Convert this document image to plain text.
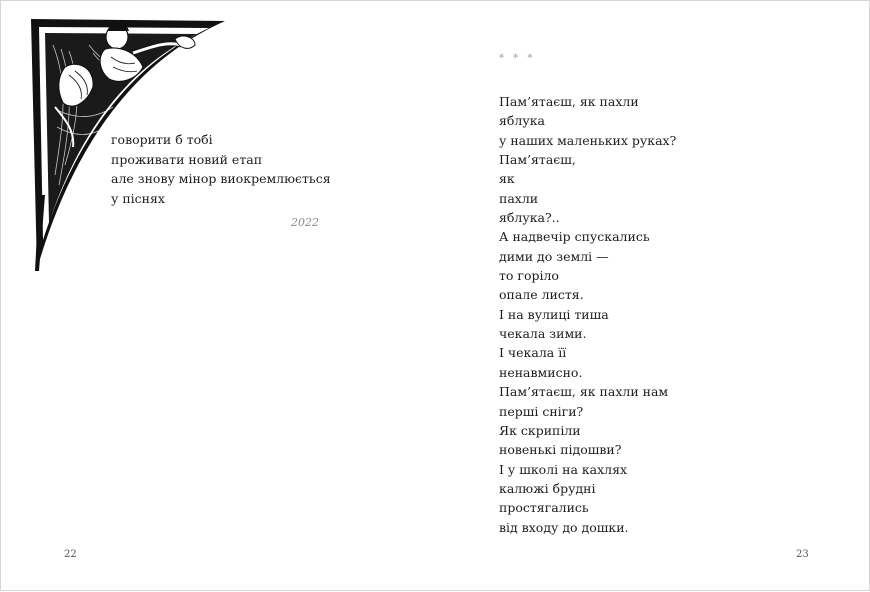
говорити б тобі
проживати новий етап
але знову мінор виокремлюється
у піснях
2022
22
* * *
Пам’ятаєш, як пахли
яблука
у наших маленьких руках?
Пам’ятаєш,
як
пахли
яблука?..
А надвечір спускались
дими до землі —
то горіло
опале листя.
І на вулиці тиша
чекала зими.
І чекала її
ненавмисно.
Пам’ятаєш, як пахли нам
перші сніги?
Як скрипіли
новенькі підошви?
І у школі на кахлях
калюжі брудні
простягались
від входу до дошки.
23
